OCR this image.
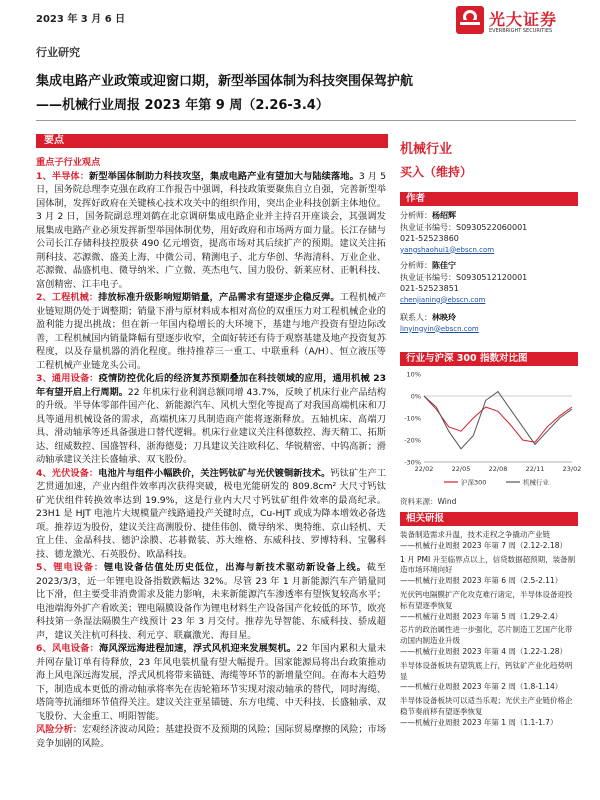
2023 年 3 月 6 日	光大证券
EVERBRIGHT SECURITIES
行业研究
集成电路产业政策或迎窗口期，新型举国体制为科技突围保驾护航
——机械行业周报 2023 年第 9 周（2.26-3.4）
要点

重点子行业观点

1、半导体：新型举国体制助力科技攻坚，集成电路产业有望加大与陆续落地。3 月 5 日，国务院总理李克强在政府工作报告中强调，科技政策要聚焦自立自强，完善新型举国体制，发挥好政府在关键核心技术攻关中的组织作用，突出企业科技创新主体地位。3 月 2 日，国务院副总理刘鹤在北京调研集成电路企业并主持召开座谈会，其强调发展集成电路产业必须发挥新型举国体制优势，用好政府和市场两方面力量。长江存储与公司长江存储科技控股获 490 亿元增资，提高市场对其后续扩产的预期。建议关注拓荆科技、芯源微、盛美上海、中微公司、精测电子、北方华创、华海清科、万业企业、芯源微、晶盛机电、微导纳米、广立微、英杰电气、国力股份、新莱应材、正帆科技、富创精密、江丰电子。

2、工程机械：排放标准升级影响短期销量，产品需求有望逐步企稳反弹。工程机械产业链短期仍处于调整期；销量下滑与原材料成本相对高位的双重压力对工程机械企业的盈利能力提出挑战；但在新一年国内稳增长的大环境下，基建与地产投资有望边际改善，工程机械国内销量降幅有望逐步收窄，全面好转还有待于观察基建及地产投资复苏程度，以及存量机器的消化程度。维持推荐三一重工、中联重科（A/H）、恒立液压等工程机械产业链龙头公司。

3、通用设备：疫情防控优化后的经济复苏预期叠加在科技领域的应用，通用机械 23 年有望开启上行周期。22 年机床行业利润总额同增 43.7%，反映了机床行业产品结构的升级。半导体零部件国产化、新能源汽车、风机大型化等提高了对我国高端机床和刀具等通用机械设备的需求，高端机床刀具制造商产能将逐渐释放。五轴机床、高端刀具、滑动轴承等还具备强进口替代逻辑。机床行业建议关注科德数控、海天精工、拓斯达、纽威数控、国盛智科、浙海德曼；刀具建议关注欧科亿、华锐精密、中钨高新；滑动轴承建议关注长盛轴承、双飞股份。

4、光伏设备：电池片与组件小幅跌价，关注钙钛矿与光伏镀铜新技术。钙钛矿生产工艺贯通加速，产业内组件效率再次获得突破，极电光能研发的 809.8cm² 大尺寸钙钛矿光伏组件转换效率达到 19.9%，这是行业内大尺寸钙钛矿组件效率的最高纪录。23H1 是 HJT 电池片大规模量产线路通投产关键时点，Cu-HJT 或成为降本增效必备选项。推荐迈为股份，建议关注高测股份、捷佳伟创、微导纳米、奥特维、京山轻机、天宜上佳、金晶科技、德沪涂膜、芯碁微装、苏大维格、东威科技、罗博特科、宝馨科技、德龙激光、石英股份、欧晶科技。

5、锂电设备：锂电设备估值处历史低位，出海与新技术驱动新设备上线。截至 2023/3/3，近一年锂电设备指数跌幅达 32%。尽管 23 年 1 月新能源汽车产销量同比下滑，但主要受非消费需求及能力影响，未来新能源汽车渗透率有望恢复较高水平；电池端海外扩产看欧美；锂电隔膜设备作为锂电材料生产设备国产化较低的环节，欧亮科技第一条湿法隔膜生产线预计 23 年 3 月交付。推荐先导智能、东威科技、骄成超声，建议关注杭可科技、利元亨、联赢激光、海目星。

6、风电设备：海风深远海进程加速，浮式风机迎来发展契机。22 年国内累积大量未并网存量订单有待释放，23 年风电装机量有望大幅提升。国家能源局将出台政策推动海上风电深远海发展，浮式风机将带来锚链、海缆等环节的新增量空间。在海本大趋势下，制造成本更低的滑动轴承将率先在齿轮箱环节实现对滚动轴承的替代，同时海缆、塔筒等抗涌细环节值得关注。建议关注亚星锚链、东方电缆、中天科技、长盛轴承、双飞股份、大金重工、明阳智能。

风险分析：宏观经济波动风险；基建投资不及预期的风险；国际贸易摩擦的风险；市场竞争加剧的风险。

机械行业
买入（维持）
作者
分析师：杨绍辉
执业证书编号：S0930522060001
021-52523860
yangshaohui1@ebscn.com
分析师：陈佳宁
执业证书编号：S0930512120001
021-52523851
chenjianing@ebscn.com
联系人：林映玲
linyingyin@ebscn.com
行业与沪深 300 指数对比图
10%
0%
-10%
-20%
-30%
22/02	22/05	22/08	22/11	23/02
沪深300	机械行业
资料来源：Wind
相关研报
装备制造需求升温，技术走权之争撬动产业链
——机械行业周报 2023 年第 7 周（2.12-2.18）
1 月 PMI 升至临界点以上，信贷数据超预期，装备制造市场环境向好
——机械行业周报 2023 年第 6 周（2.5-2.11）
光伏钙电隔膜扩产化攻克难行诸定，半导体设备迎投标有望逐季恢复
——机械行业周报 2023 年第 5 周（1.29-2.4）
芯片的政治属性进一步强化，芯片制造工艺国产化带动国内制造业升级
——机械行业周报 2023 年第 4 周（1.22-1.28）
半导体设备板块有望筑底上行，钙钛矿产业化趋势明显
——机械行业周报 2023 年第 2 周（1.8-1.14）
半导体设备板块可以适当乐观；光伏主产业链价格企稳节奏前移有望逐季恢复
——机械行业周报 2023 年第 1 周（1.1-1.7）
